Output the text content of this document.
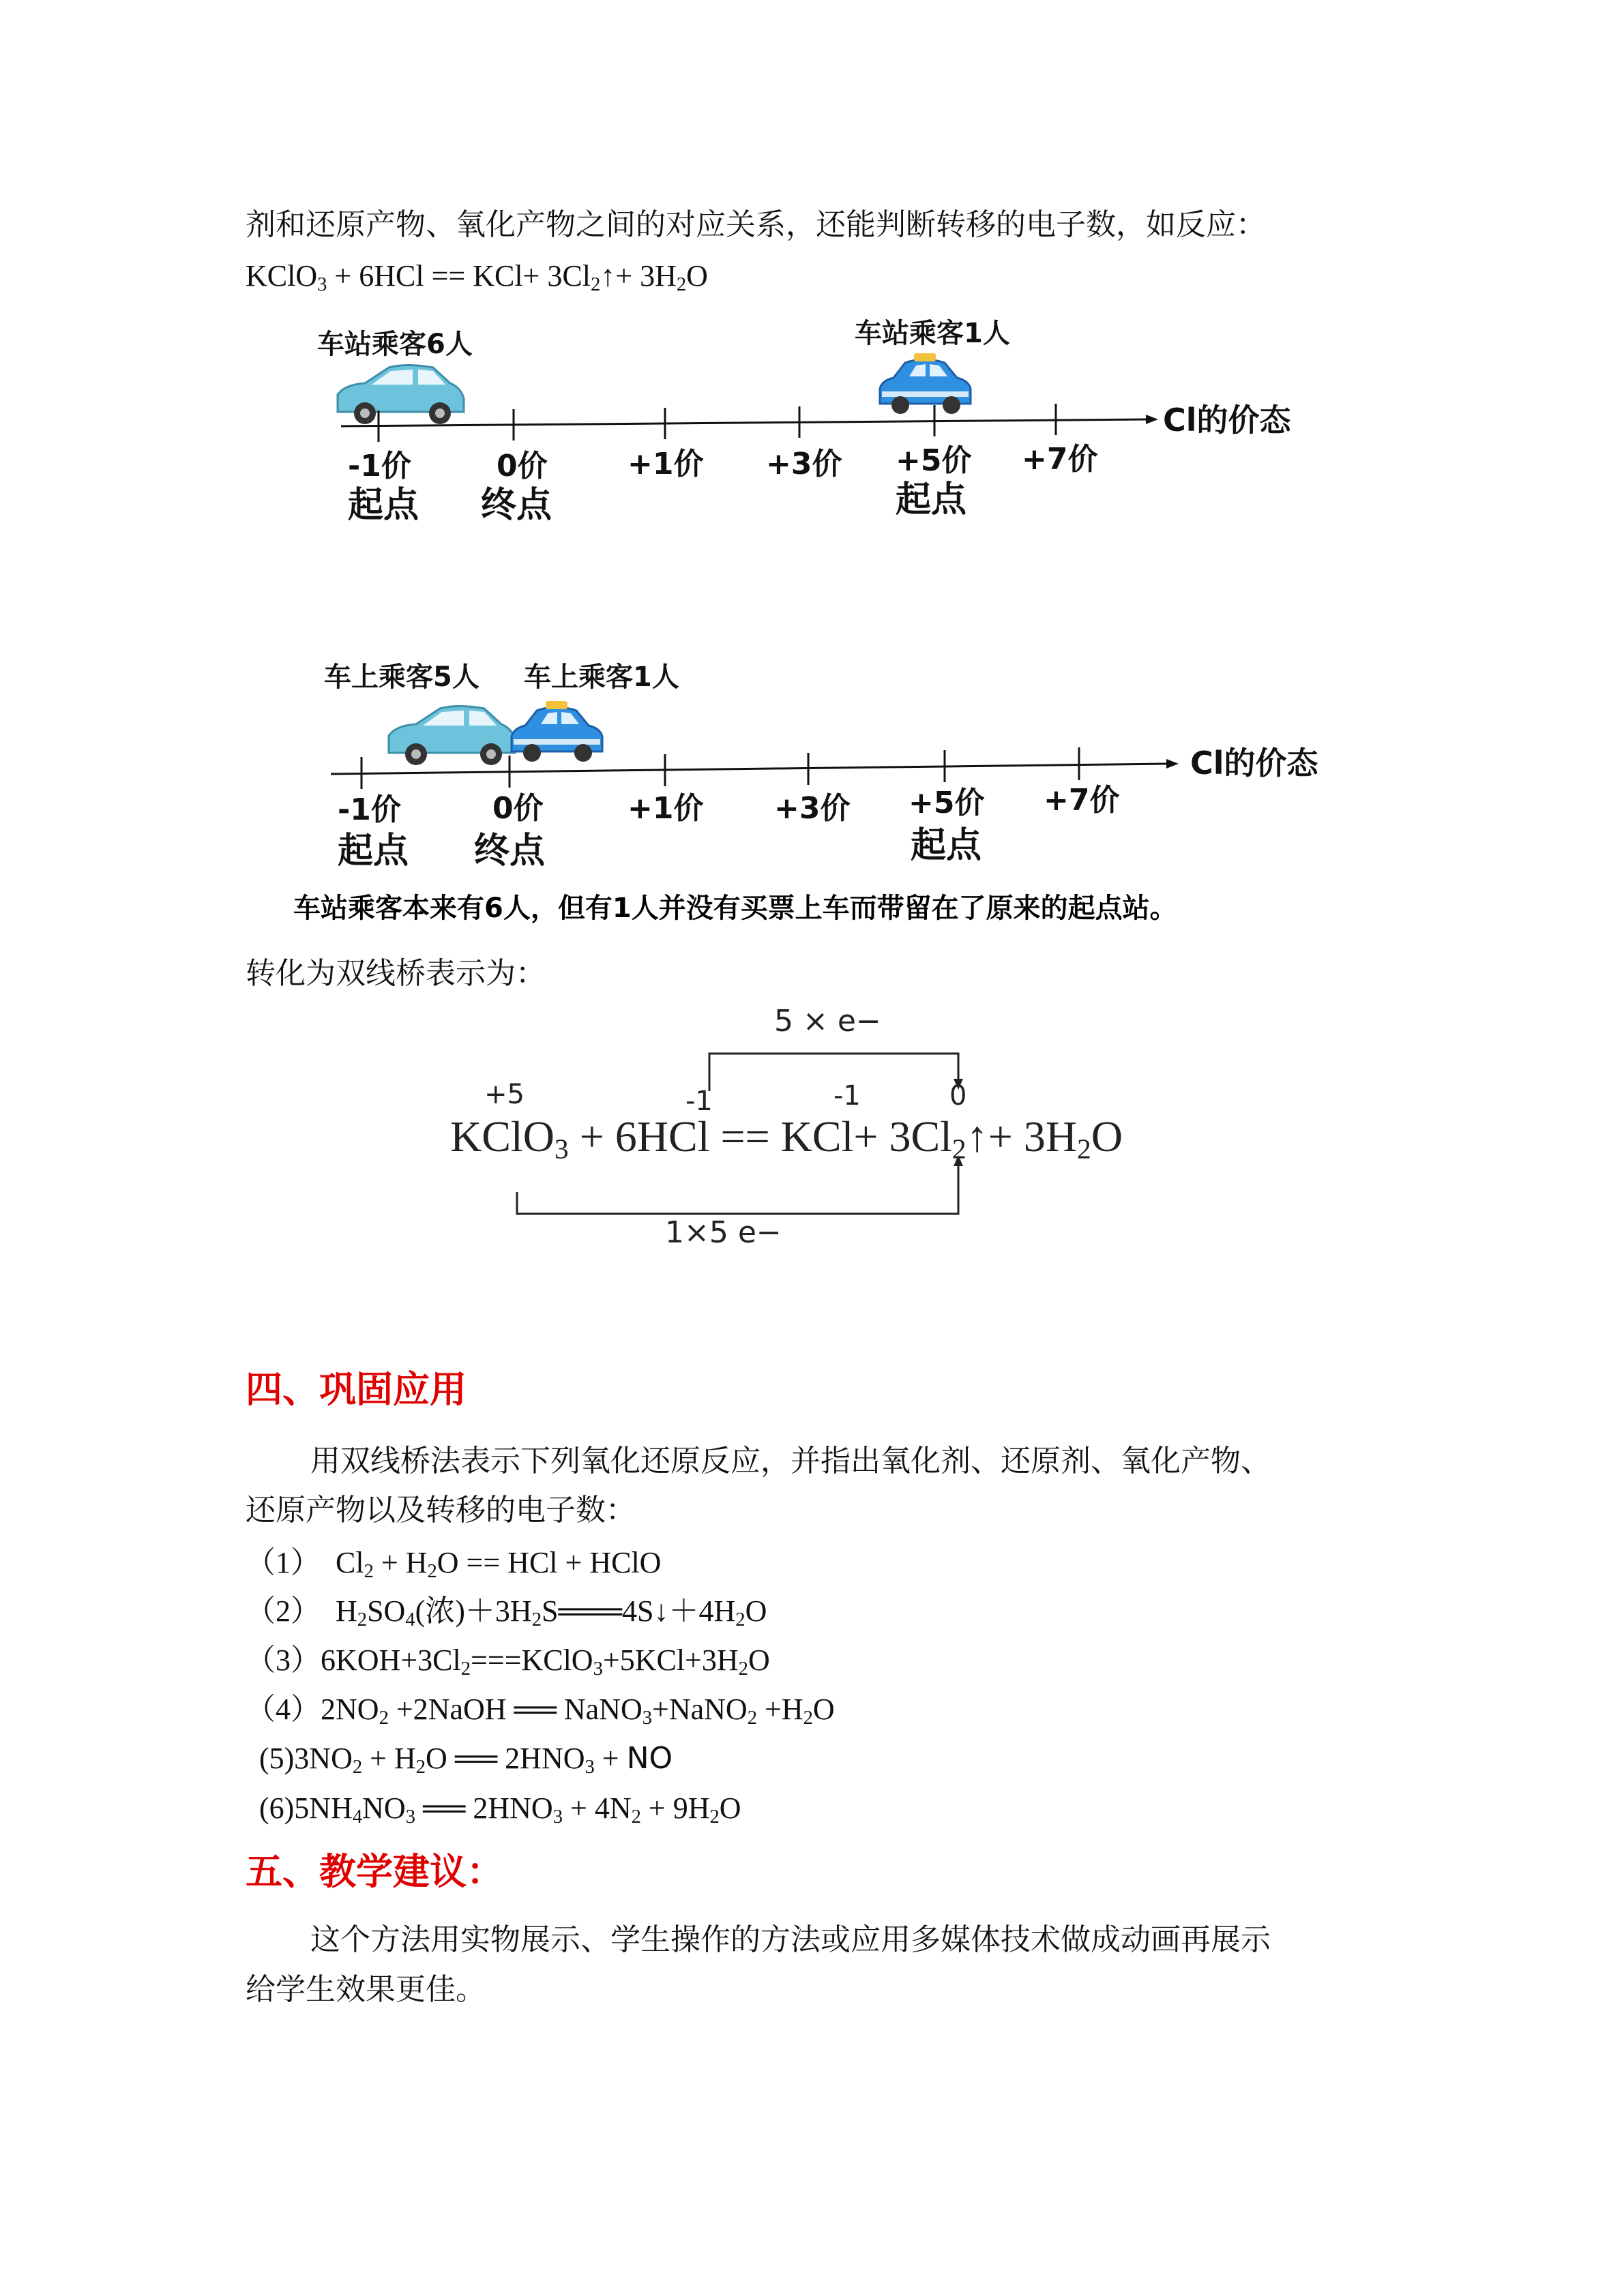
剂和还原产物、氧化产物之间的对应关系，还能判断转移的电子数，如反应：
KClO$_3$ + $6HCl == KCl+ 3Cl_2↑+ 3H_2O$
车站乘客6人	车站乘客1人
Cl的价态
-1价	0价	+1价 +3价 +5价 +7价
起点 终点	起点
车上乘客5人 车上乘客1人
Cl的价态
-1价	0价	+1价 +3价 +5价 +7价
起点 终点	起点
车站乘客本来有6人，但有1人并没有买票上车而带留在了原来的起点站。
转化为双线桥表示为：
5 × e−
1×5 e−
+5	-1	-1	0
KClO$_3$ + $6HCl == KCl+ 3Cl_2↑+ 3H_2O$
四、巩固应用
用双线桥法表示下列氧化还原反应，并指出氧化剂、还原剂、氧化产物、
还原产物以及转移的电子数：
（1）  $Cl_2 + H_2O$ == HCl + HClO
（2）  $H_2SO_4$(浓)$+3H_2S═══4S↓+4H_2O$
$(3)6KOH+3Cl_2===KClO_3+5KCl+3H_2O$
$(4)2NO_2$ +2NaOH ══ NaNO$_3$+NaNO$_2$ $+H_2O$
$(5)3NO_2 + H_2O$ ══ $2HNO_3$ + NO
$(6)5NH_4NO_3$ ══ $2HNO_3 + 4N_2 + 9H_2O$
五、教学建议：
这个方法用实物展示、学生操作的方法或应用多媒体技术做成动画再展示
给学生效果更佳。
